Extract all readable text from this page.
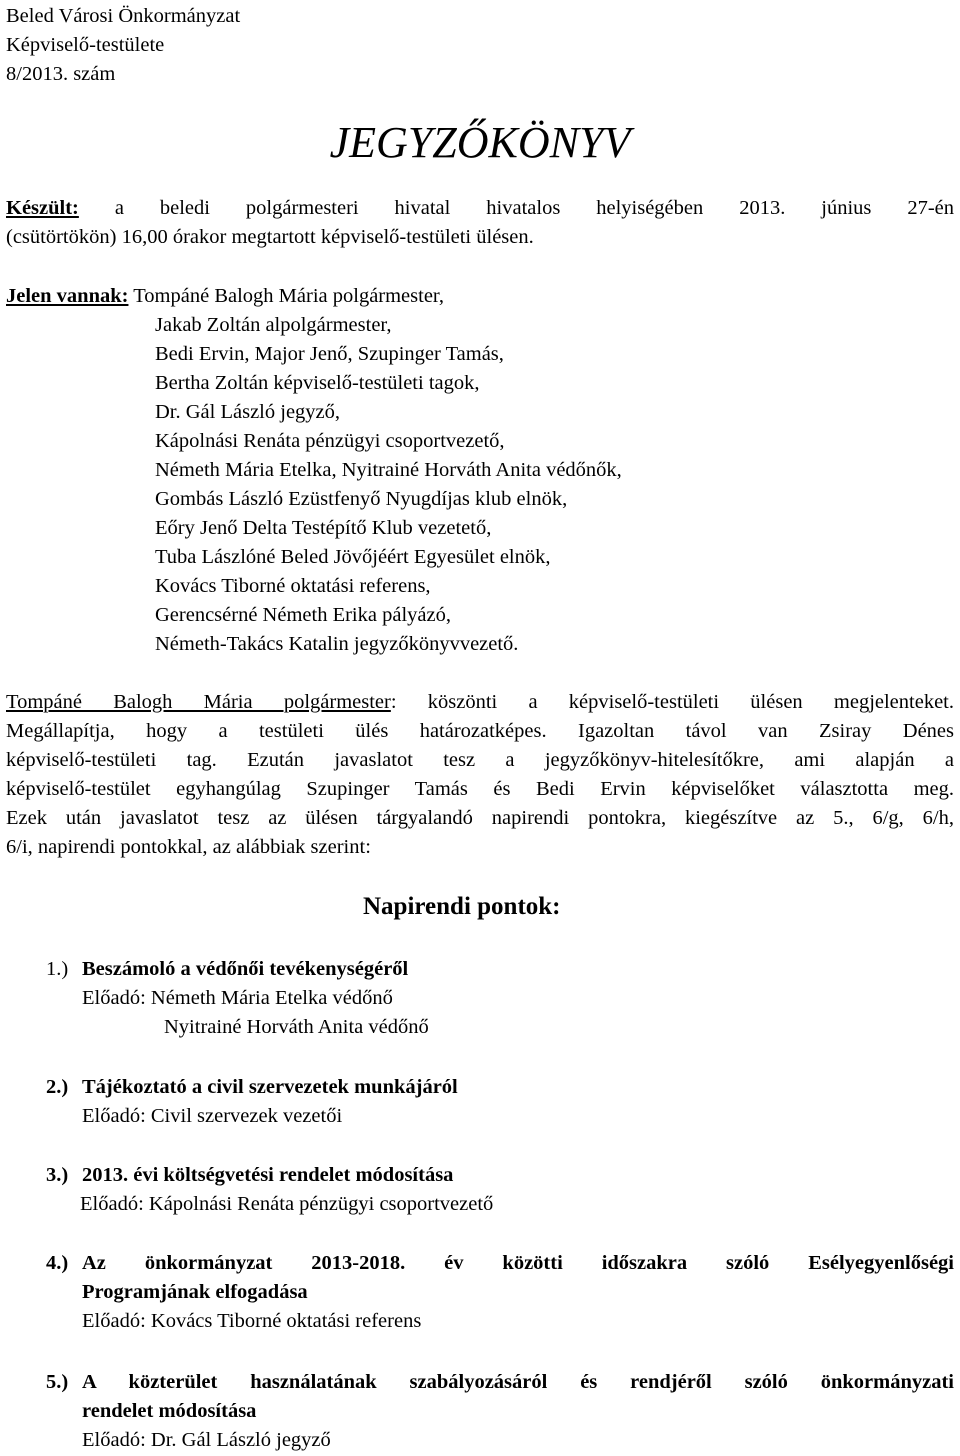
Beled Városi Önkormányzat
Képviselő-testülete
8/2013. szám
JEGYZŐKÖNYV
Készült: a beledi polgármesteri hivatal hivatalos helyiségében 2013. június 27-én
(csütörtökön) 16,00 órakor megtartott képviselő-testületi ülésen.
Jelen vannak: Tompáné Balogh Mária polgármester,
Jakab Zoltán alpolgármester,
Bedi Ervin, Major Jenő, Szupinger Tamás,
Bertha Zoltán képviselő-testületi tagok,
Dr. Gál László jegyző,
Kápolnási Renáta pénzügyi csoportvezető,
Németh Mária Etelka, Nyitrainé Horváth Anita védőnők,
Gombás László Ezüstfenyő Nyugdíjas klub elnök,
Eőry Jenő Delta Testépítő Klub vezetető,
Tuba Lászlóné Beled Jövőjéért Egyesület elnök,
Kovács Tiborné oktatási referens,
Gerencsérné Németh Erika pályázó,
Németh-Takács Katalin jegyzőkönyvvezető.
Tompáné Balogh Mária polgármester: köszönti a képviselő-testületi ülésen megjelenteket.
Megállapítja, hogy a testületi ülés határozatképes. Igazoltan távol van Zsiray Dénes
képviselő-testületi tag. Ezután javaslatot tesz a jegyzőkönyv-hitelesítőkre, ami alapján a
képviselő-testület egyhangúlag Szupinger Tamás és Bedi Ervin képviselőket választotta meg.
Ezek után javaslatot tesz az ülésen tárgyalandó napirendi pontokra, kiegészítve az 5., 6/g, 6/h,
6/i, napirendi pontokkal, az alábbiak szerint:
Napirendi pontok:
1.) Beszámoló a védőnői tevékenységéről
Előadó: Németh Mária Etelka védőnő
Nyitrainé Horváth Anita védőnő
2.) Tájékoztató a civil szervezetek munkájáról
Előadó: Civil szervezek vezetői
3.) 2013. évi költségvetési rendelet módosítása
Előadó: Kápolnási Renáta pénzügyi csoportvezető
4.) Az önkormányzat 2013-2018. év közötti időszakra szóló Esélyegyenlőségi
Programjának elfogadása
Előadó: Kovács Tiborné oktatási referens
5.) A közterület használatának szabályozásáról és rendjéről szóló önkormányzati
rendelet módosítása
Előadó: Dr. Gál László jegyző
